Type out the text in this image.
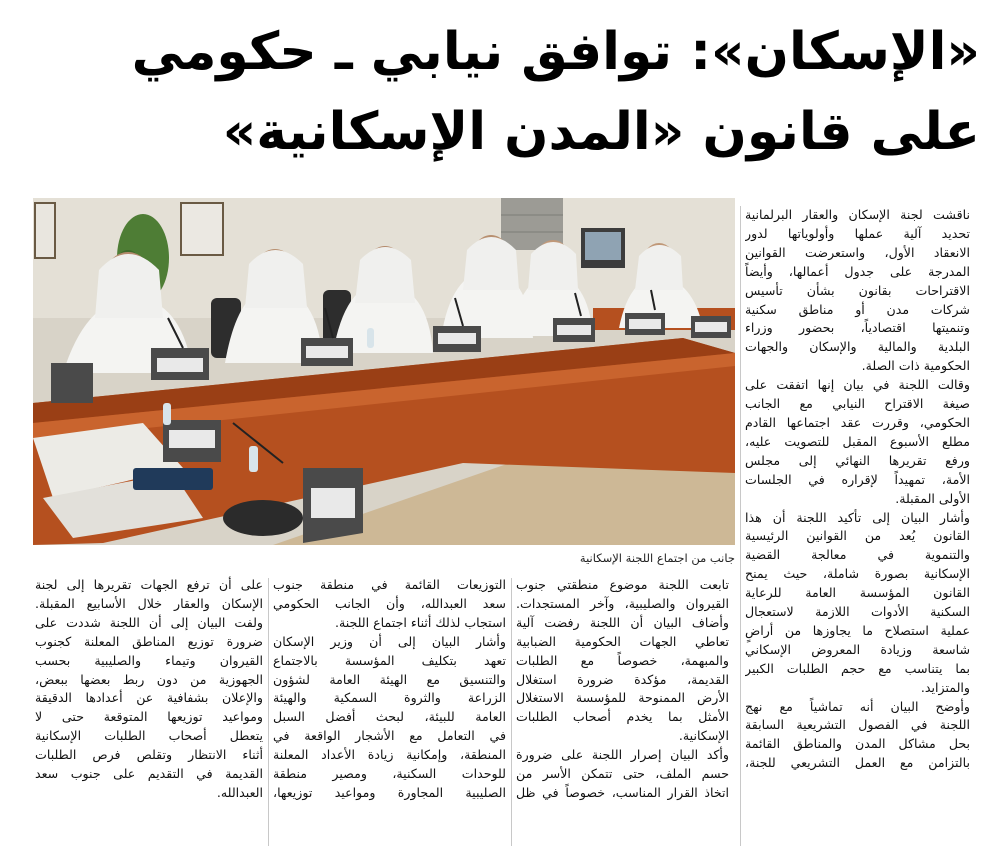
«الإسكان»: توافق نيابي ـ حكومي
على قانون «المدن الإسكانية»

جانب من اجتماع اللجنة الإسكانية

ناقشت لجنة الإسكان والعقار البرلمانية
تحديد آلية عملها وأولوياتها لدور
الانعقاد الأول، واستعرضت القوانين
المدرجة على جدول أعمالها، وأيضاً
الاقتراحات بقانون بشأن تأسيس
شركات مدن أو مناطق سكنية
وتنميتها اقتصادياً، بحضور وزراء
البلدية والمالية والإسكان والجهات
الحكومية ذات الصلة.
وقالت اللجنة في بيان إنها اتفقت على
صيغة الاقتراح النيابي مع الجانب
الحكومي، وقررت عقد اجتماعها القادم
مطلع الأسبوع المقبل للتصويت عليه،
ورفع تقريرها النهائي إلى مجلس
الأمة، تمهيداً لإقراره في الجلسات
الأولى المقبلة.
وأشار البيان إلى تأكيد اللجنة أن هذا
القانون يُعد من القوانين الرئيسية
والتنموية في معالجة القضية
الإسكانية بصورة شاملة، حيث يمنح
القانون المؤسسة العامة للرعاية
السكنية الأدوات اللازمة لاستعجال
عملية استصلاح ما يجاوزها من أراضٍ
شاسعة وزيادة المعروض الإسكاني
بما يتناسب مع حجم الطلبات الكبير
والمتزايد.
وأوضح البيان أنه تماشياً مع نهج
اللجنة في الفصول التشريعية السابقة
بحل مشاكل المدن والمناطق القائمة
بالتزامن مع العمل التشريعي للجنة،
تابعت اللجنة موضوع منطقتي جنوب
القيروان والصليبية، وآخر المستجدات.
وأضاف البيان أن اللجنة رفضت آلية
تعاطي الجهات الحكومية الضبابية
والمبهمة، خصوصاً مع الطلبات
القديمة، مؤكدة ضرورة استغلال
الأرض الممنوحة للمؤسسة الاستغلال
الأمثل بما يخدم أصحاب الطلبات
الإسكانية.
وأكد البيان إصرار اللجنة على ضرورة
حسم الملف، حتى تتمكن الأسر من
اتخاذ القرار المناسب، خصوصاً في ظل
التوزيعات القائمة في منطقة جنوب
سعد العبدالله، وأن الجانب الحكومي
استجاب لذلك أثناء اجتماع اللجنة.
وأشار البيان إلى أن وزير الإسكان
تعهد بتكليف المؤسسة بالاجتماع
والتنسيق مع الهيئة العامة لشؤون
الزراعة والثروة السمكية والهيئة
العامة للبيئة، لبحث أفضل السبل
في التعامل مع الأشجار الواقعة في
المنطقة، وإمكانية زيادة الأعداد المعلنة
للوحدات السكنية، ومصير منطقة
الصليبية المجاورة ومواعيد توزيعها،
على أن ترفع الجهات تقريرها إلى لجنة
الإسكان والعقار خلال الأسابيع المقبلة.
ولفت البيان إلى أن اللجنة شددت على
ضرورة توزيع المناطق المعلنة كجنوب
القيروان وتيماء والصليبية بحسب
الجهوزية من دون ربط بعضها ببعض،
والإعلان بشفافية عن أعدادها الدقيقة
ومواعيد توزيعها المتوقعة حتى لا
يتعطل أصحاب الطلبات الإسكانية
أثناء الانتظار وتقلص فرص الطلبات
القديمة في التقديم على جنوب سعد
العبدالله.
